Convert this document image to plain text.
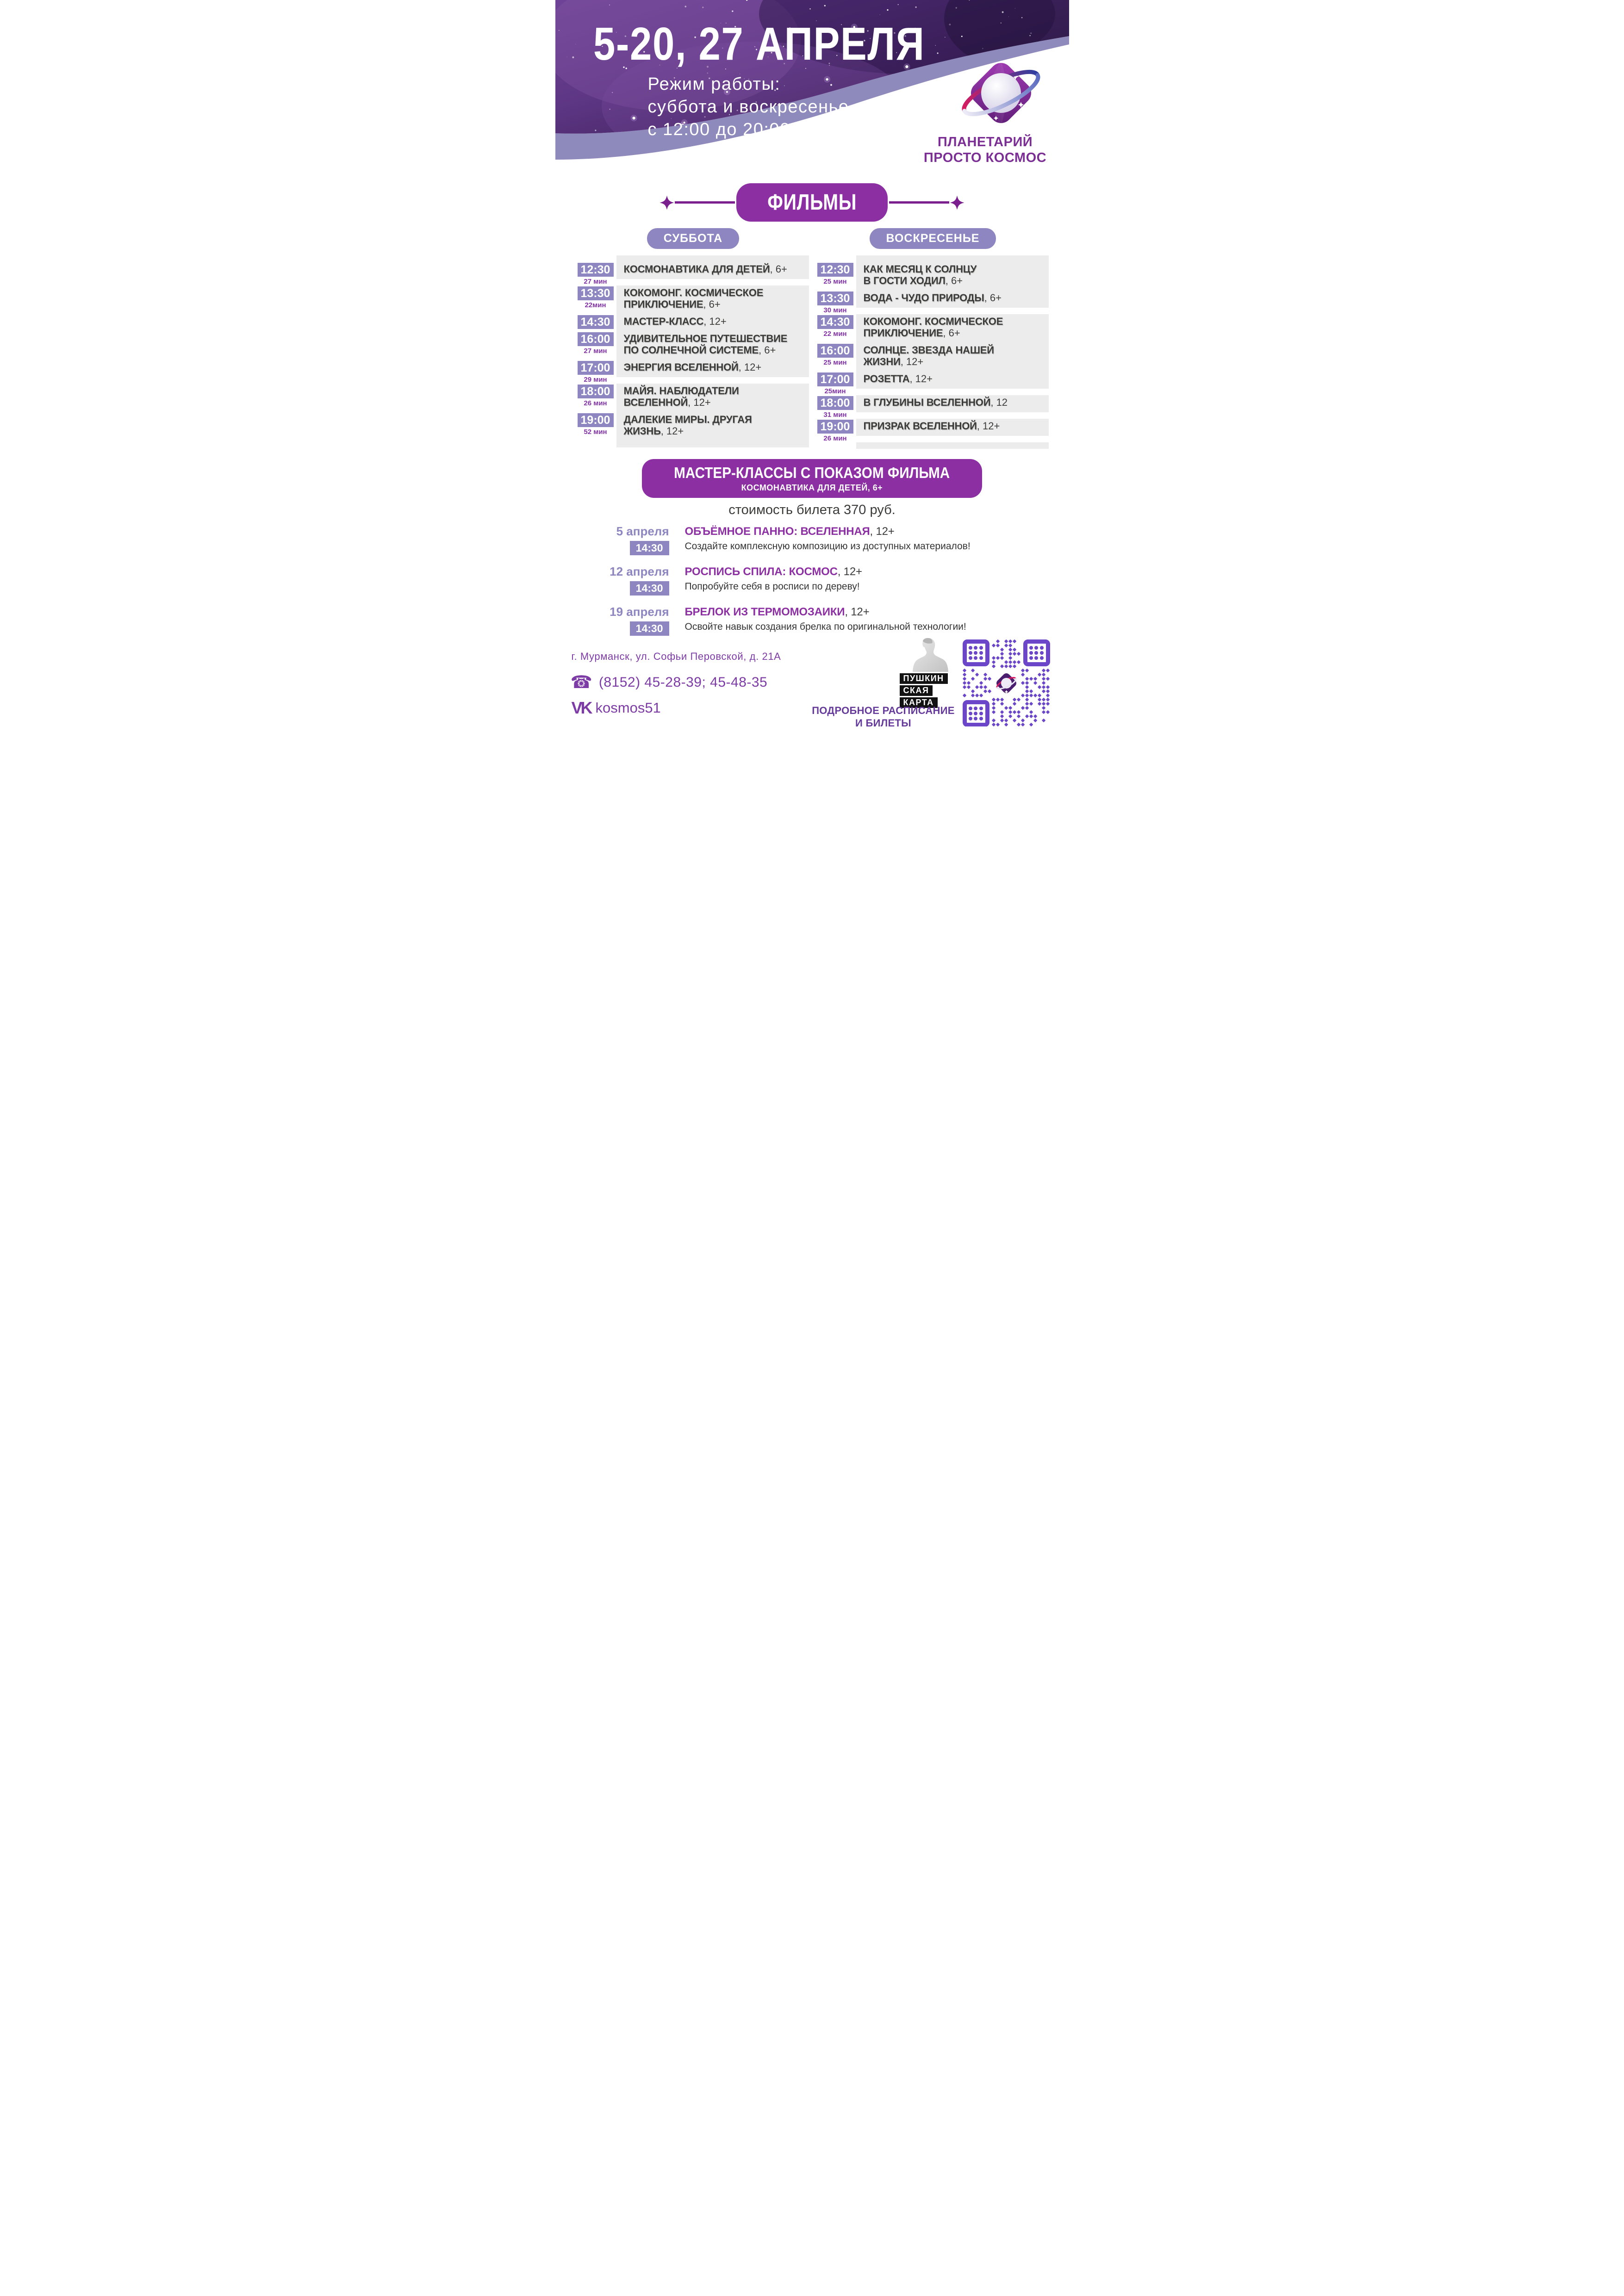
5-20, 27 АПРЕЛЯ
Режим работы:
суббота и воскресенье
с 12:00 до 20:00
ПЛАНЕТАРИЙ
ПРОСТО КОСМОС
ФИЛЬМЫ
СУББОТА
12:30
27 мин
КОСМОНАВТИКА ДЛЯ ДЕТЕЙ, 6+
13:30
22мин
КОКОМОНГ. КОСМИЧЕСКОЕ
ПРИКЛЮЧЕНИЕ, 6+
14:30	МАСТЕР-КЛАСС, 12+
16:00
27 мин
УДИВИТЕЛЬНОЕ ПУТЕШЕСТВИЕ
ПО СОЛНЕЧНОЙ СИСТЕМЕ, 6+
17:00
29 мин
ЭНЕРГИЯ ВСЕЛЕННОЙ, 12+
18:00
26 мин
МАЙЯ. НАБЛЮДАТЕЛИ
ВСЕЛЕННОЙ, 12+
19:00
52 мин
ДАЛЕКИЕ МИРЫ. ДРУГАЯ
ЖИЗНЬ, 12+
ВОСКРЕСЕНЬЕ
12:30
25 мин
КАК МЕСЯЦ К СОЛНЦУ
В ГОСТИ ХОДИЛ, 6+
13:30
30 мин
ВОДА - ЧУДО ПРИРОДЫ, 6+
14:30
22 мин
КОКОМОНГ. КОСМИЧЕСКОЕ
ПРИКЛЮЧЕНИЕ, 6+
16:00
25 мин
СОЛНЦЕ. ЗВЕЗДА НАШЕЙ
ЖИЗНИ, 12+
17:00
25мин
РОЗЕТТА, 12+
18:00
31 мин
В ГЛУБИНЫ ВСЕЛЕННОЙ, 12
19:00
26 мин
ПРИЗРАК ВСЕЛЕННОЙ, 12+
МАСТЕР-КЛАССЫ С ПОКАЗОМ ФИЛЬМА
КОСМОНАВТИКА ДЛЯ ДЕТЕЙ, 6+
стоимость билета 370 руб.
5 апреля
14:30
ОБЪЁМНОЕ ПАННО: ВСЕЛЕННАЯ, 12+
Создайте комплексную композицию из доступных материалов!
12 апреля
14:30
РОСПИСЬ СПИЛА: КОСМОС, 12+
Попробуйте себя в росписи по дереву!
19 апреля
14:30
БРЕЛОК ИЗ ТЕРМОМОЗАИКИ, 12+
Освойте навык создания брелка по оригинальной технологии!
г. Мурманск, ул. Софьи Перовской, д. 21А
☎ (8152) 45-28-39; 45-48-35
VK kosmos51
ПУШКИН
СКАЯ
КАРТА
ПОДРОБНОЕ РАСПИСАНИЕ
И БИЛЕТЫ
